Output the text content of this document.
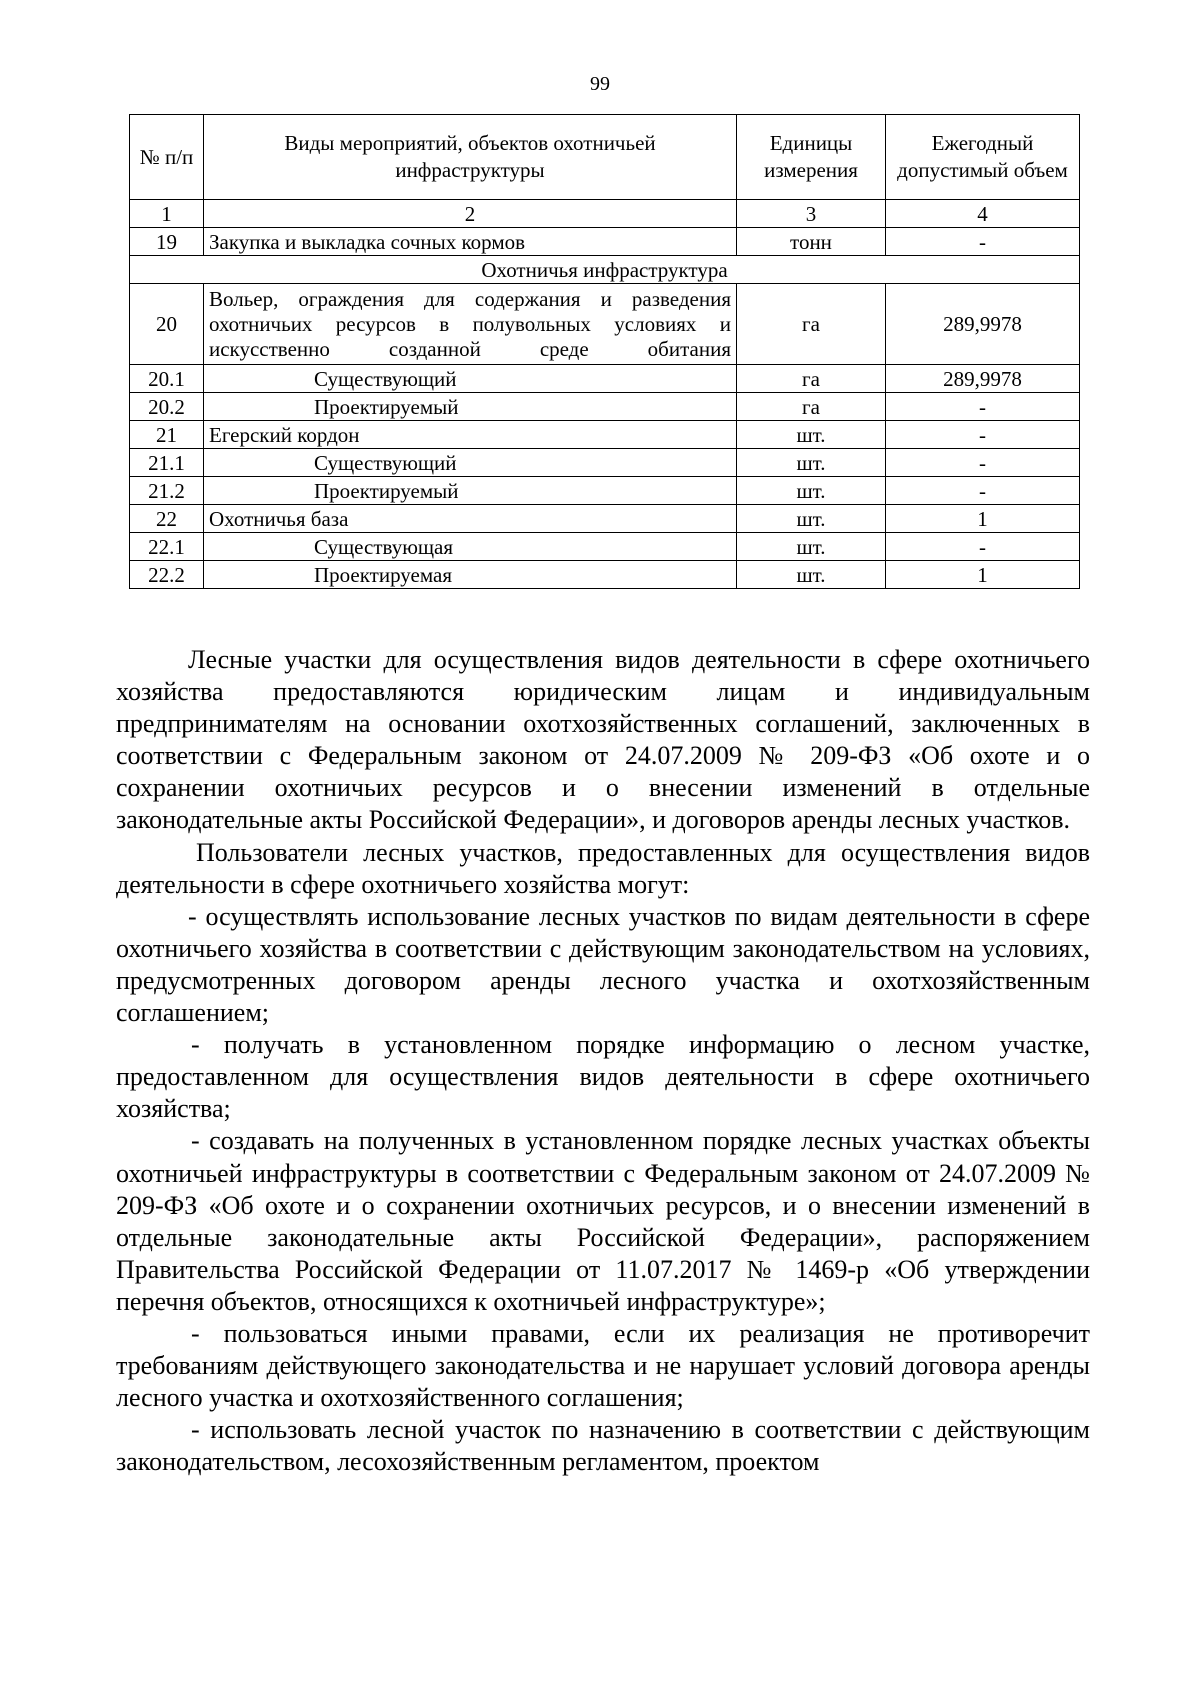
99
№ п/п	Виды мероприятий, объектов охотничьей инфраструктуры	Единицы измерения	Ежегодный допустимый объем
1	2	3	4
19	Закупка и выкладка сочных кормов	тонн	-
Охотничья инфраструктура			
20	Вольер, ограждения для содержания и разведения охотничьих ресурсов в полувольных условиях и искусственно созданной среде обитания	га	289,9978
20.1	Существующий	га	289,9978
20.2	Проектируемый	га	-
21	Егерский кордон	шт.	-
21.1	Существующий	шт.	-
21.2	Проектируемый	шт.	-
22	Охотничья база	шт.	1
22.1	Существующая	шт.	-
22.2	Проектируемая	шт.	1

Лесные участки для осуществления видов деятельности в сфере охотничьего хозяйства предоставляются юридическим лицам и индивидуальным предпринимателям на основании охотхозяйственных соглашений, заключенных в соответствии с Федеральным законом от 24.07.2009 № 209-ФЗ «Об охоте и о сохранении охотничьих ресурсов и о внесении изменений в отдельные законодательные акты Российской Федерации», и договоров аренды лесных участков.

Пользователи лесных участков, предоставленных для осуществления видов деятельности в сфере охотничьего хозяйства могут:

- осуществлять использование лесных участков по видам деятельности в сфере охотничьего хозяйства в соответствии с действующим законодательством на условиях, предусмотренных договором аренды лесного участка и охотхозяйственным соглашением;

- получать в установленном порядке информацию о лесном участке, предоставленном для осуществления видов деятельности в сфере охотничьего хозяйства;

- создавать на полученных в установленном порядке лесных участках объекты охотничьей инфраструктуры в соответствии с Федеральным законом от 24.07.2009 № 209-ФЗ «Об охоте и о сохранении охотничьих ресурсов, и о внесении изменений в отдельные законодательные акты Российской Федерации», распоряжением Правительства Российской Федерации от 11.07.2017 № 1469-р «Об утверждении перечня объектов, относящихся к охотничьей инфраструктуре»;

- пользоваться иными правами, если их реализация не противоречит требованиям действующего законодательства и не нарушает условий договора аренды лесного участка и охотхозяйственного соглашения;

- использовать лесной участок по назначению в соответствии с действующим законодательством, лесохозяйственным регламентом, проектом
